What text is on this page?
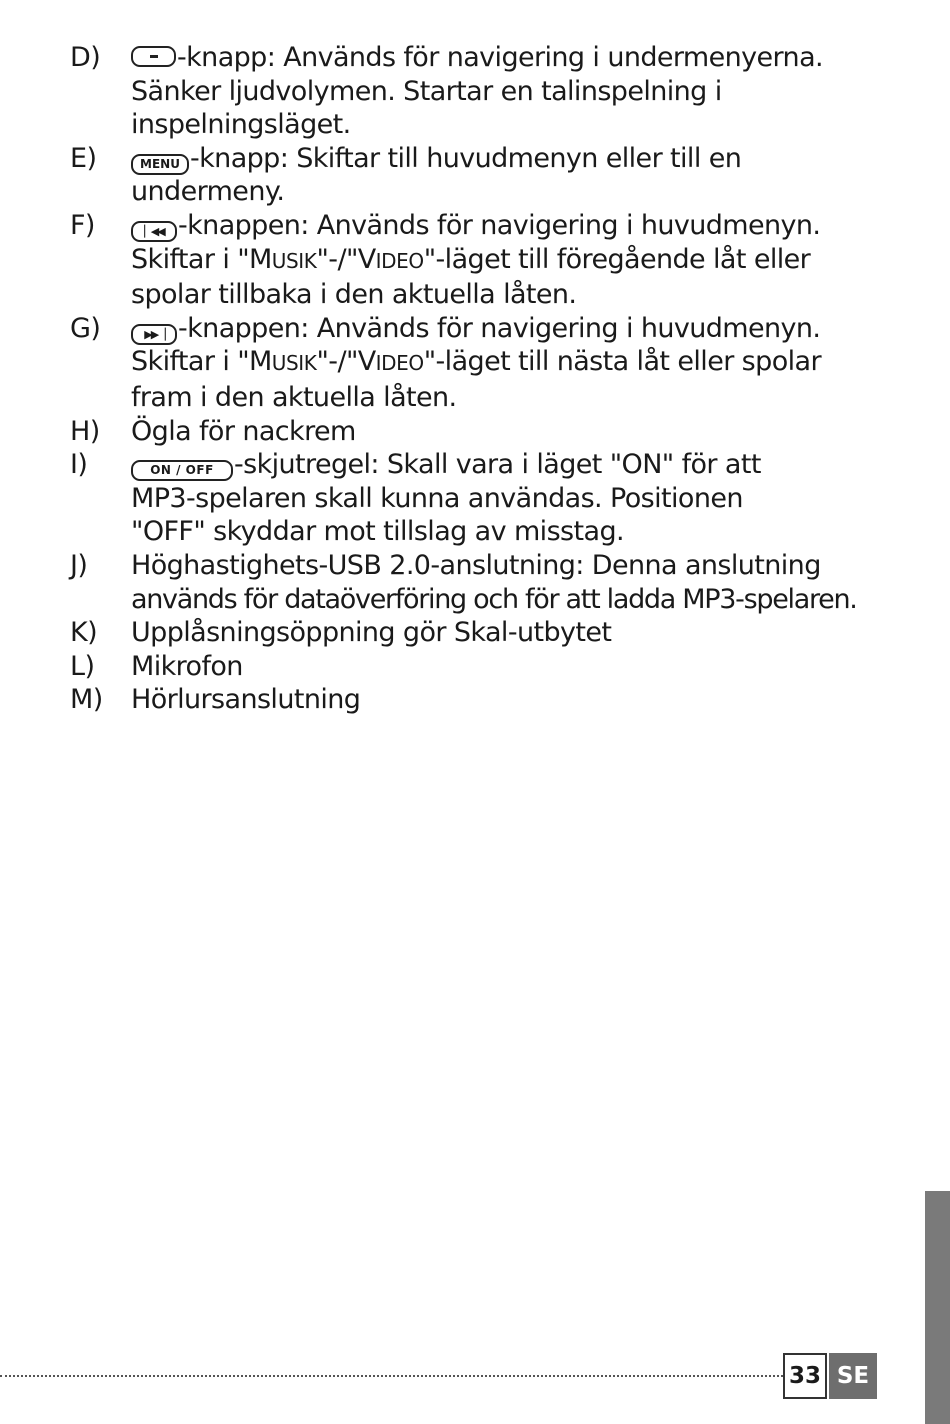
D)	-knapp: Används för navigering i undermenyerna.
Sänker ljudvolymen. Startar en talinspelning i
inspelningsläget.
E)	MENU -knapp: Skiftar till huvudmenyn eller till en
undermeny.
F)	▏◀◀ -knappen: Används för navigering i huvudmenyn.
Skiftar i "MUSIK"-/"VIDEO"-läget till föregående låt eller
spolar tillbaka i den aktuella låten.
G)	▶▶▕ -knappen: Används för navigering i huvudmenyn.
Skiftar i "MUSIK"-/"VIDEO"-läget till nästa låt eller spolar
fram i den aktuella låten.
H)	Ögla för nackrem
I)	ON / OFF -skjutregel: Skall vara i läget "ON" för att
MP3-spelaren skall kunna användas. Positionen
"OFF" skyddar mot tillslag av misstag.
J)	Höghastighets-USB 2.0-anslutning: Denna anslutning
används för dataöverföring och för att ladda MP3-spelaren.
K)	Upplåsningsöppning gör Skal-utbytet
L)	Mikrofon
M)	Hörlursanslutning
33 SE
